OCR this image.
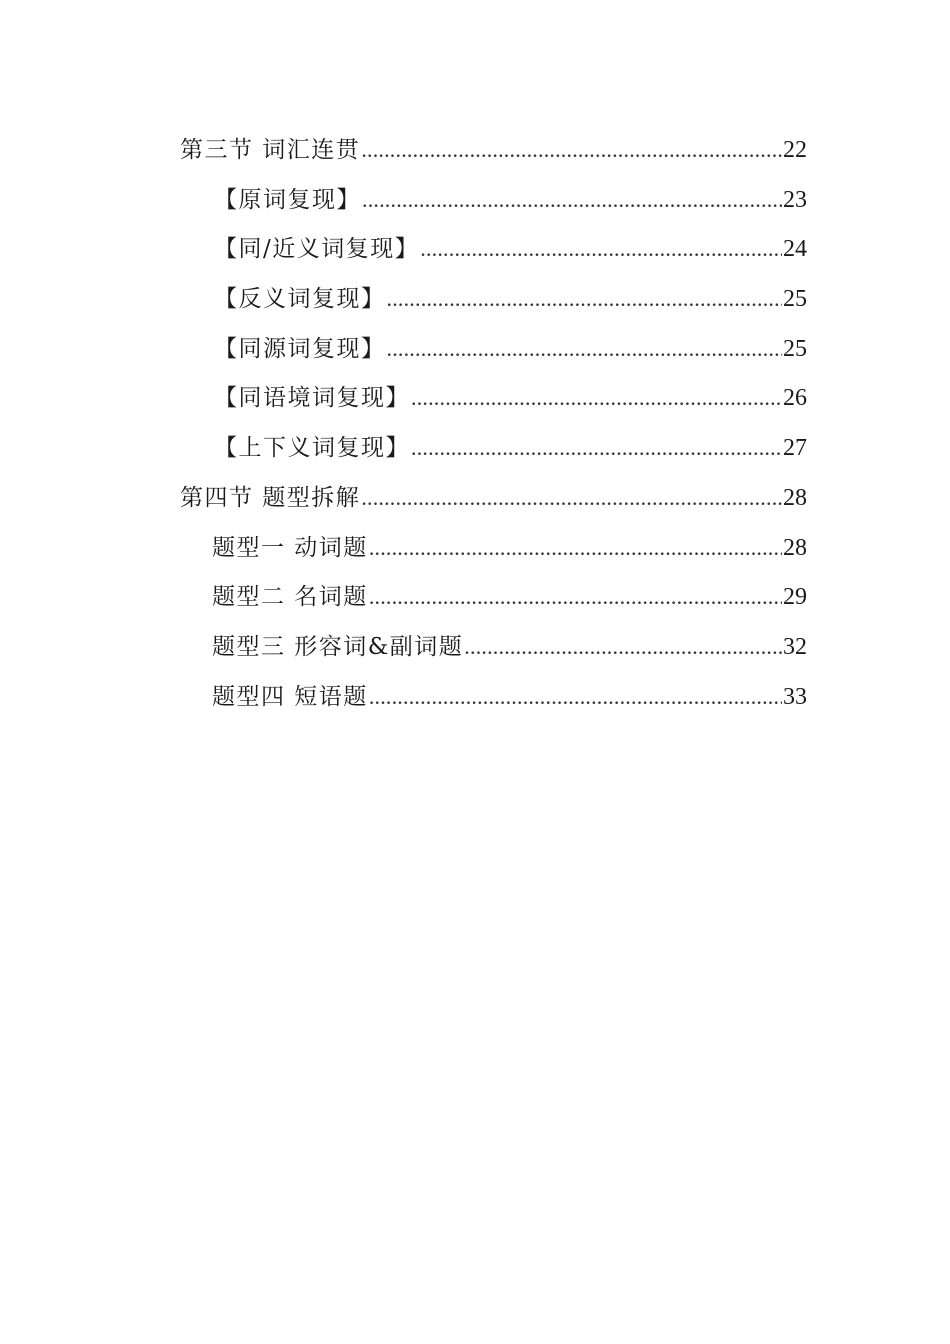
第三节 词汇连贯 .....	22
【原词复现】 .....	23
【同/近义词复现】 .....	24
【反义词复现】 .....	25
【同源词复现】 .....	25
【同语境词复现】 .....	26
【上下义词复现】 .....	27
第四节 题型拆解 .....	28
题型一 动词题 .....	28
题型二 名词题 .....	29
题型三 形容词&副词题 .....	32
题型四 短语题 .....	33
